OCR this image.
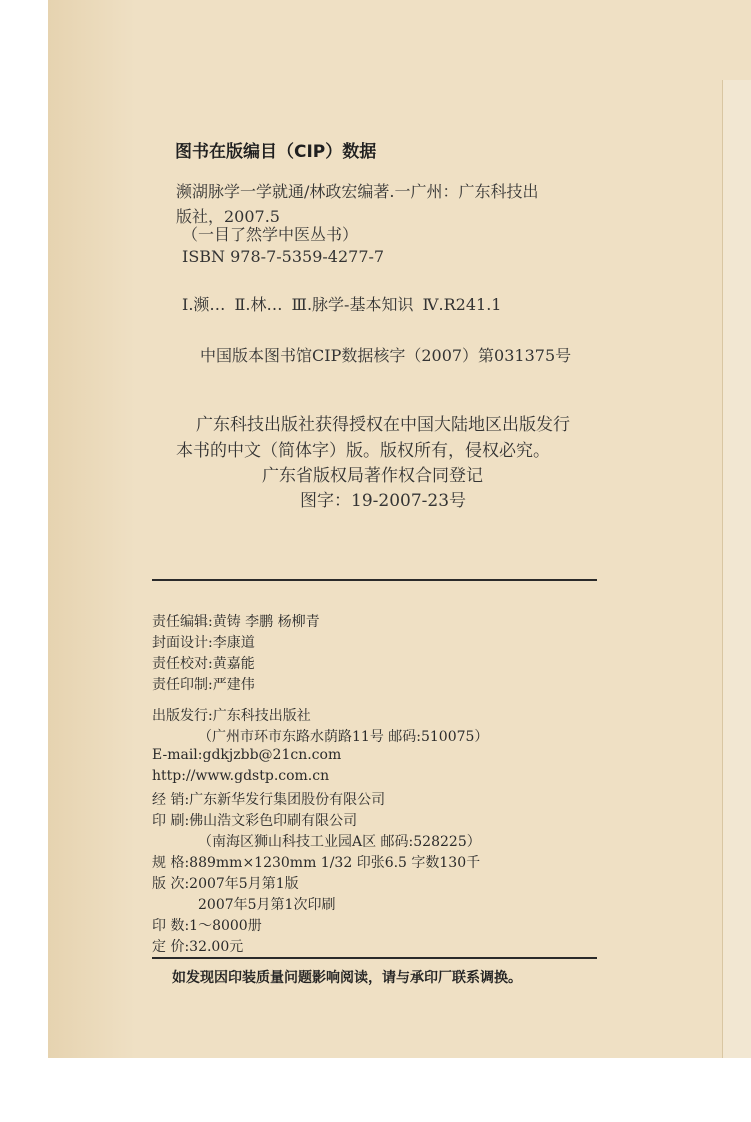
图书在版编目（CIP）数据
濒湖脉学一学就通/林政宏编著.一广州：广东科技出
版社，2007.5
（一目了然学中医丛书）
ISBN 978-7-5359-4277-7
Ⅰ.濒… Ⅱ.林… Ⅲ.脉学-基本知识 Ⅳ.R241.1
中国版本图书馆CIP数据核字（2007）第031375号
广东科技出版社获得授权在中国大陆地区出版发行
本书的中文（简体字）版。版权所有，侵权必究。
广东省版权局著作权合同登记
图字：19-2007-23号
责任编辑:黄铸 李鹏 杨柳青
封面设计:李康道
责任校对:黄嘉能
责任印制:严建伟
出版发行:广东科技出版社
（广州市环市东路水荫路11号 邮码:510075）
E-mail:gdkjzbb@21cn.com
http://www.gdstp.com.cn
经 销:广东新华发行集团股份有限公司
印 刷:佛山浩文彩色印刷有限公司
（南海区狮山科技工业园A区 邮码:528225）
规 格:889mm×1230mm 1/32 印张6.5 字数130千
版 次:2007年5月第1版
2007年5月第1次印刷
印 数:1～8000册
定 价:32.00元
如发现因印装质量问题影响阅读，请与承印厂联系调换。
